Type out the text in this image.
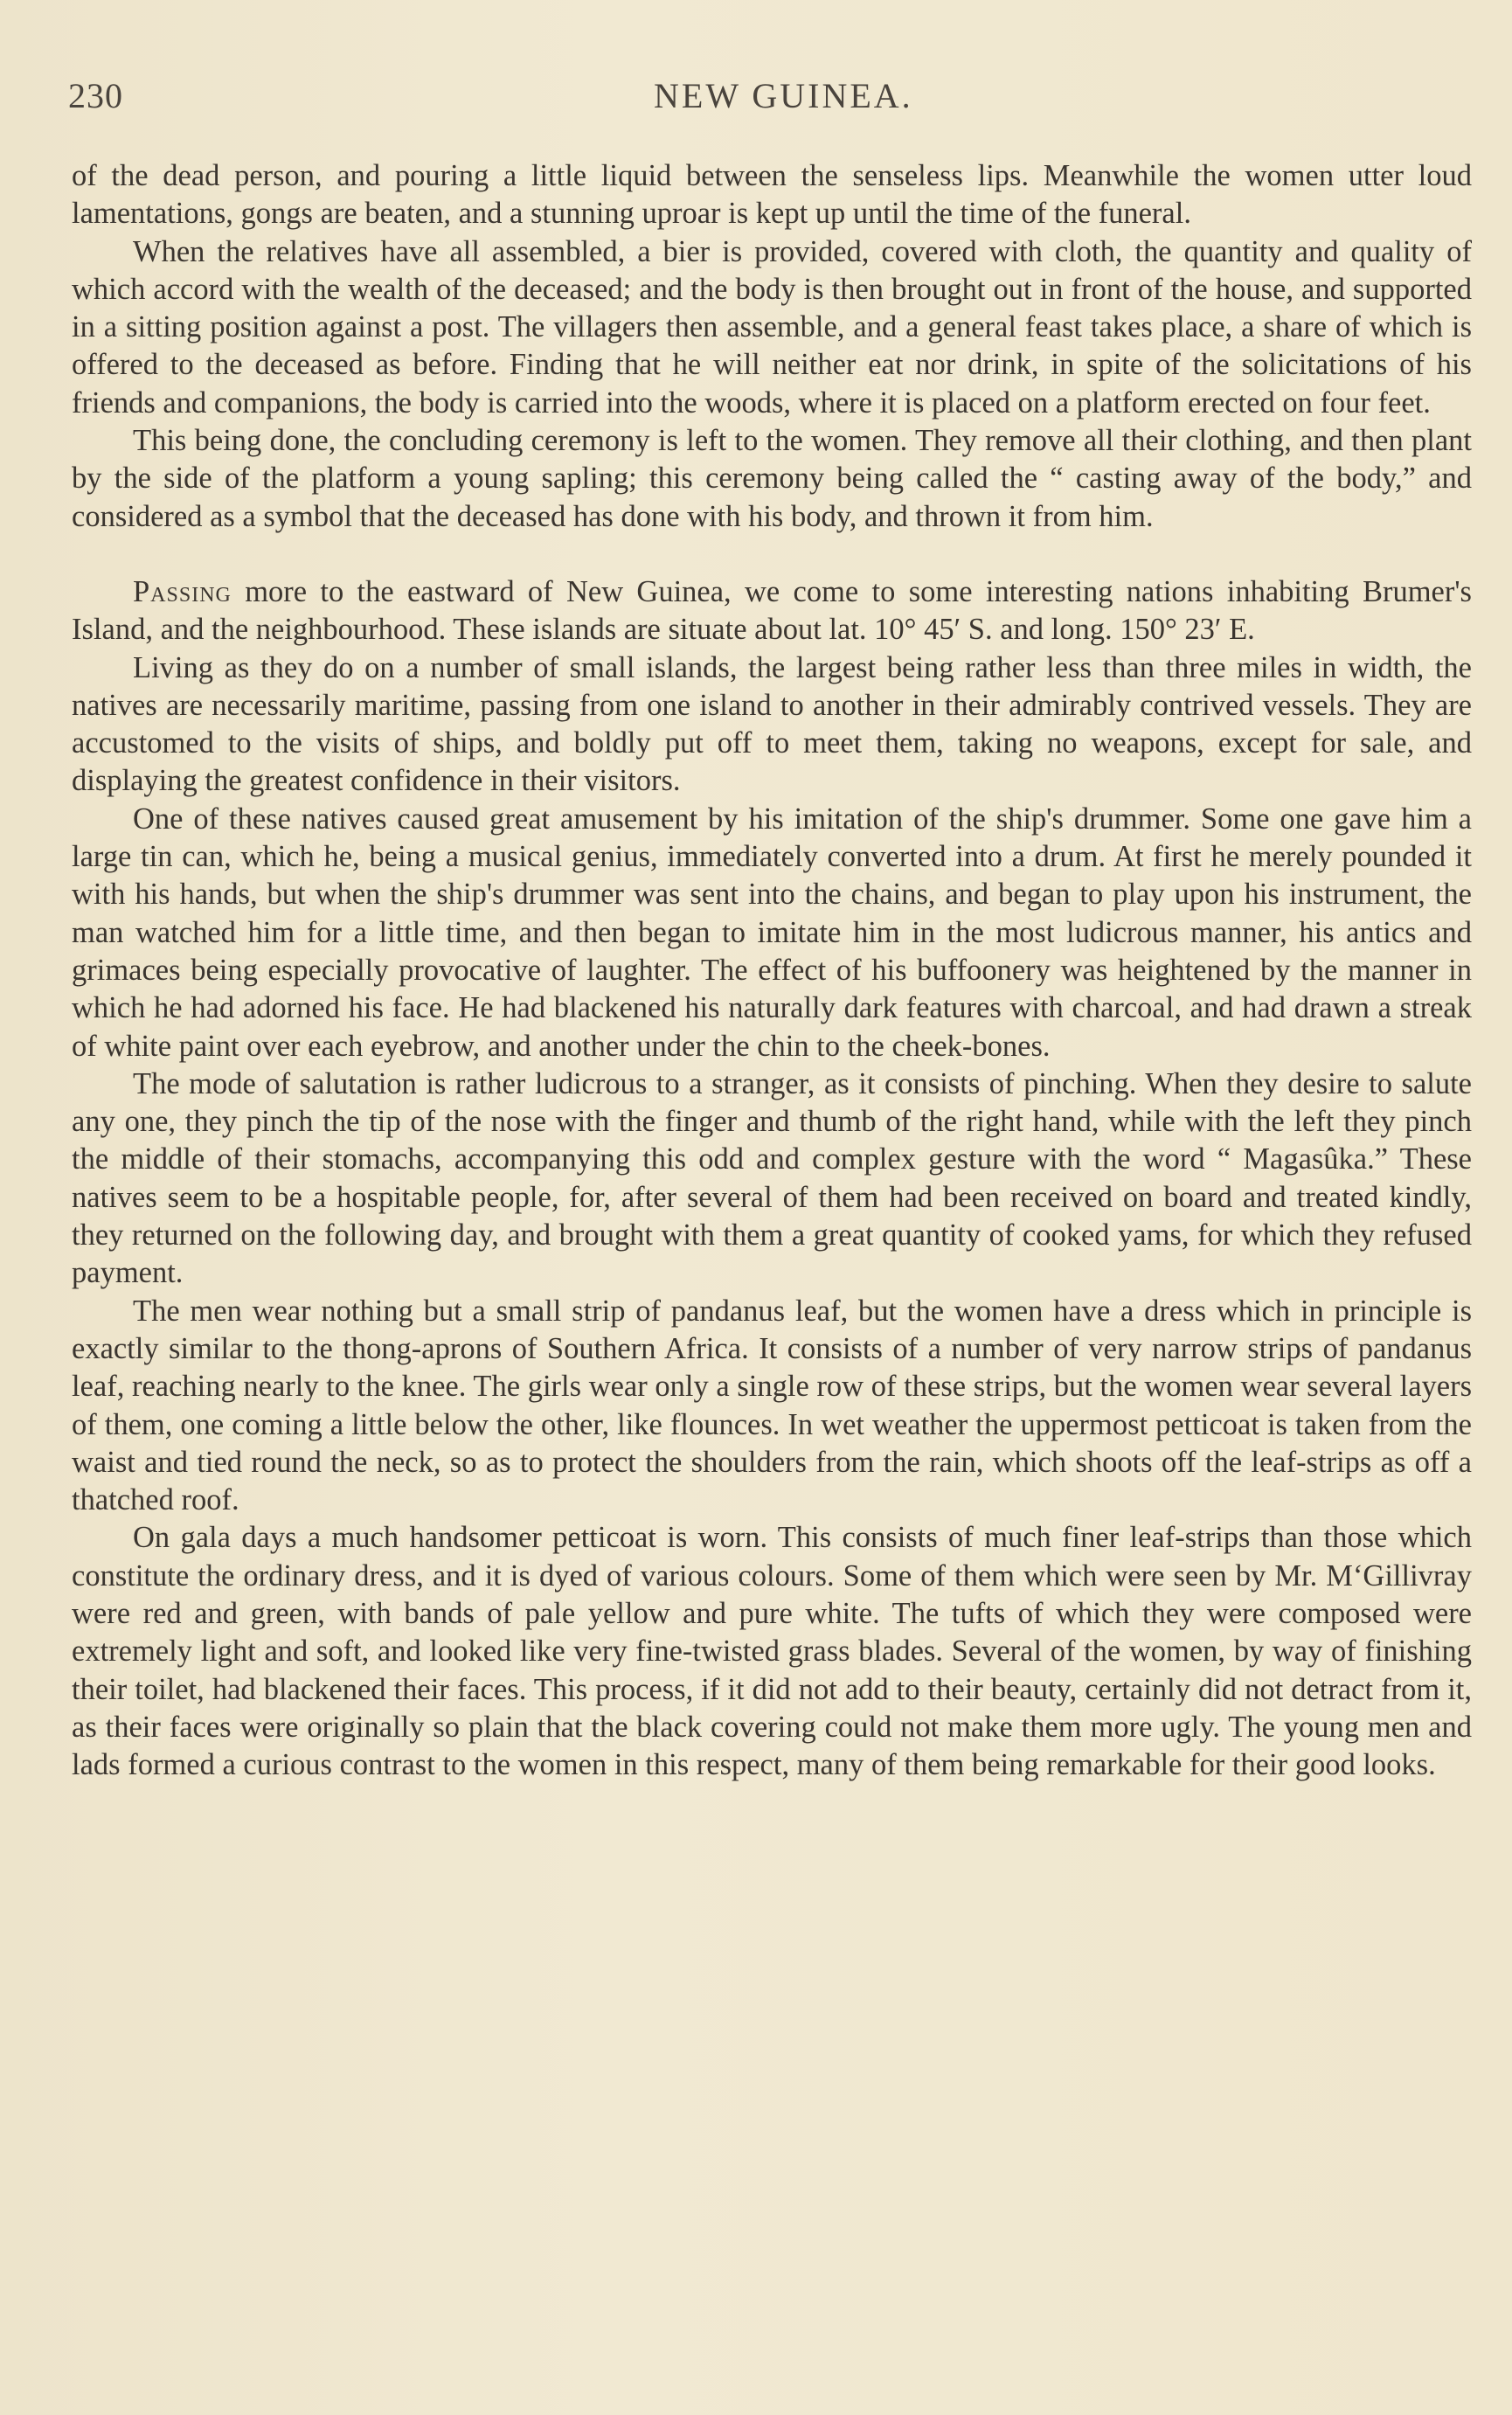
230	NEW GUINEA.

of the dead person, and pouring a little liquid between the senseless lips. Meanwhile the women utter loud lamentations, gongs are beaten, and a stunning uproar is kept up until the time of the funeral.

When the relatives have all assembled, a bier is provided, covered with cloth, the quantity and quality of which accord with the wealth of the deceased; and the body is then brought out in front of the house, and supported in a sitting position against a post. The villagers then assemble, and a general feast takes place, a share of which is offered to the deceased as before. Finding that he will neither eat nor drink, in spite of the solicitations of his friends and companions, the body is carried into the woods, where it is placed on a platform erected on four feet.

This being done, the concluding ceremony is left to the women. They remove all their clothing, and then plant by the side of the platform a young sapling; this ceremony being called the “ casting away of the body,” and considered as a symbol that the deceased has done with his body, and thrown it from him.

Passing more to the eastward of New Guinea, we come to some interesting nations inhabiting Brumer's Island, and the neighbourhood. These islands are situate about lat. 10° 45′ S. and long. 150° 23′ E.

Living as they do on a number of small islands, the largest being rather less than three miles in width, the natives are necessarily maritime, passing from one island to another in their admirably contrived vessels. They are accustomed to the visits of ships, and boldly put off to meet them, taking no weapons, except for sale, and displaying the greatest confidence in their visitors.

One of these natives caused great amusement by his imitation of the ship's drummer. Some one gave him a large tin can, which he, being a musical genius, immediately converted into a drum. At first he merely pounded it with his hands, but when the ship's drummer was sent into the chains, and began to play upon his instrument, the man watched him for a little time, and then began to imitate him in the most ludicrous manner, his antics and grimaces being especially provocative of laughter. The effect of his buffoonery was heightened by the manner in which he had adorned his face. He had blackened his naturally dark features with charcoal, and had drawn a streak of white paint over each eyebrow, and another under the chin to the cheek-bones.

The mode of salutation is rather ludicrous to a stranger, as it consists of pinching. When they desire to salute any one, they pinch the tip of the nose with the finger and thumb of the right hand, while with the left they pinch the middle of their stomachs, accompanying this odd and complex gesture with the word “ Magasûka.” These natives seem to be a hospitable people, for, after several of them had been received on board and treated kindly, they returned on the following day, and brought with them a great quantity of cooked yams, for which they refused payment.

The men wear nothing but a small strip of pandanus leaf, but the women have a dress which in principle is exactly similar to the thong-aprons of Southern Africa. It consists of a number of very narrow strips of pandanus leaf, reaching nearly to the knee. The girls wear only a single row of these strips, but the women wear several layers of them, one coming a little below the other, like flounces. In wet weather the uppermost petticoat is taken from the waist and tied round the neck, so as to protect the shoulders from the rain, which shoots off the leaf-strips as off a thatched roof.

On gala days a much handsomer petticoat is worn. This consists of much finer leaf-strips than those which constitute the ordinary dress, and it is dyed of various colours. Some of them which were seen by Mr. M‘Gillivray were red and green, with bands of pale yellow and pure white. The tufts of which they were composed were extremely light and soft, and looked like very fine-twisted grass blades. Several of the women, by way of finishing their toilet, had blackened their faces. This process, if it did not add to their beauty, certainly did not detract from it, as their faces were originally so plain that the black covering could not make them more ugly. The young men and lads formed a curious contrast to the women in this respect, many of them being remarkable for their good looks.
